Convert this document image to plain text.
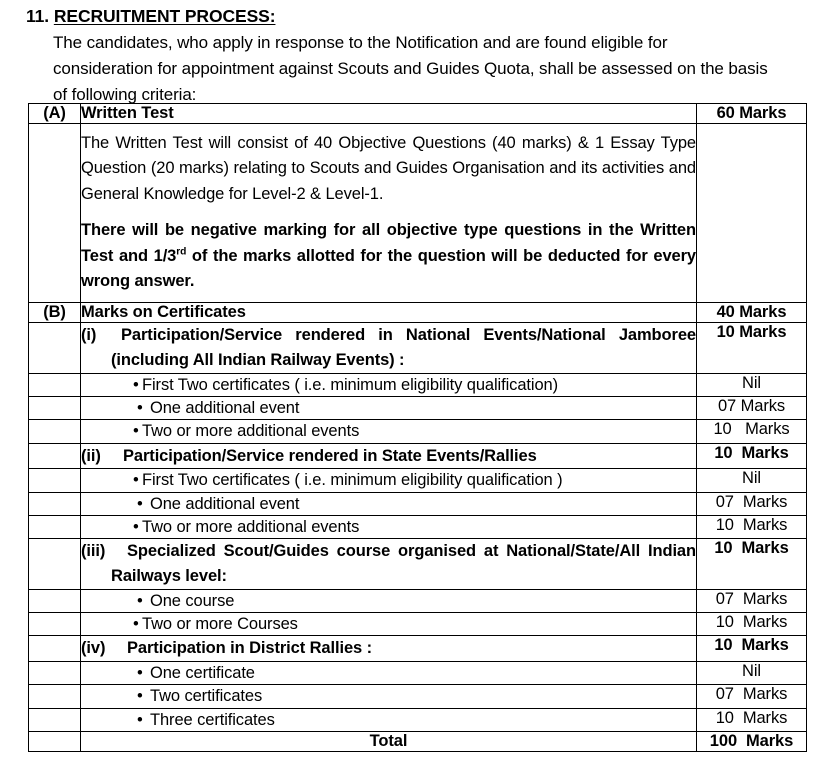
11. RECRUITMENT PROCESS:
The candidates, who apply in response to the Notification and are found eligible for
consideration for appointment against Scouts and Guides Quota, shall be assessed on the basis
of following criteria:
(A)	Written Test	60 Marks

	The Written Test will consist of 40 Objective Questions (40 marks) & 1 Essay Type Question (20 marks) relating to Scouts and Guides Organisation and its activities and General Knowledge for Level-2 & Level-1.

There will be negative marking for all objective type questions in the Written Test and 1/3rd of the marks allotted for the question will be deducted for every wrong answer.	

(B)	Marks on Certificates	40 Marks

	(i) Participation/Service rendered in National Events/National Jamboree (including All Indian Railway Events) :	10 Marks

	• First Two certificates ( i.e. minimum eligibility qualification)	Nil

	• One additional event	07 Marks

	• Two or more additional events	10   Marks

	(ii) Participation/Service rendered in State Events/Rallies	10  Marks

	• First Two certificates ( i.e. minimum eligibility qualification )	Nil

	• One additional event	07  Marks

	• Two or more additional events	10  Marks

	(iii) Specialized Scout/Guides course organised at National/State/All Indian Railways level:	10  Marks

	• One course	07  Marks

	• Two or more Courses	10  Marks

	(iv) Participation in District Rallies :	10  Marks

	• One certificate	Nil

	• Two certificates	07  Marks

	• Three certificates	10  Marks
	Total	100  Marks
